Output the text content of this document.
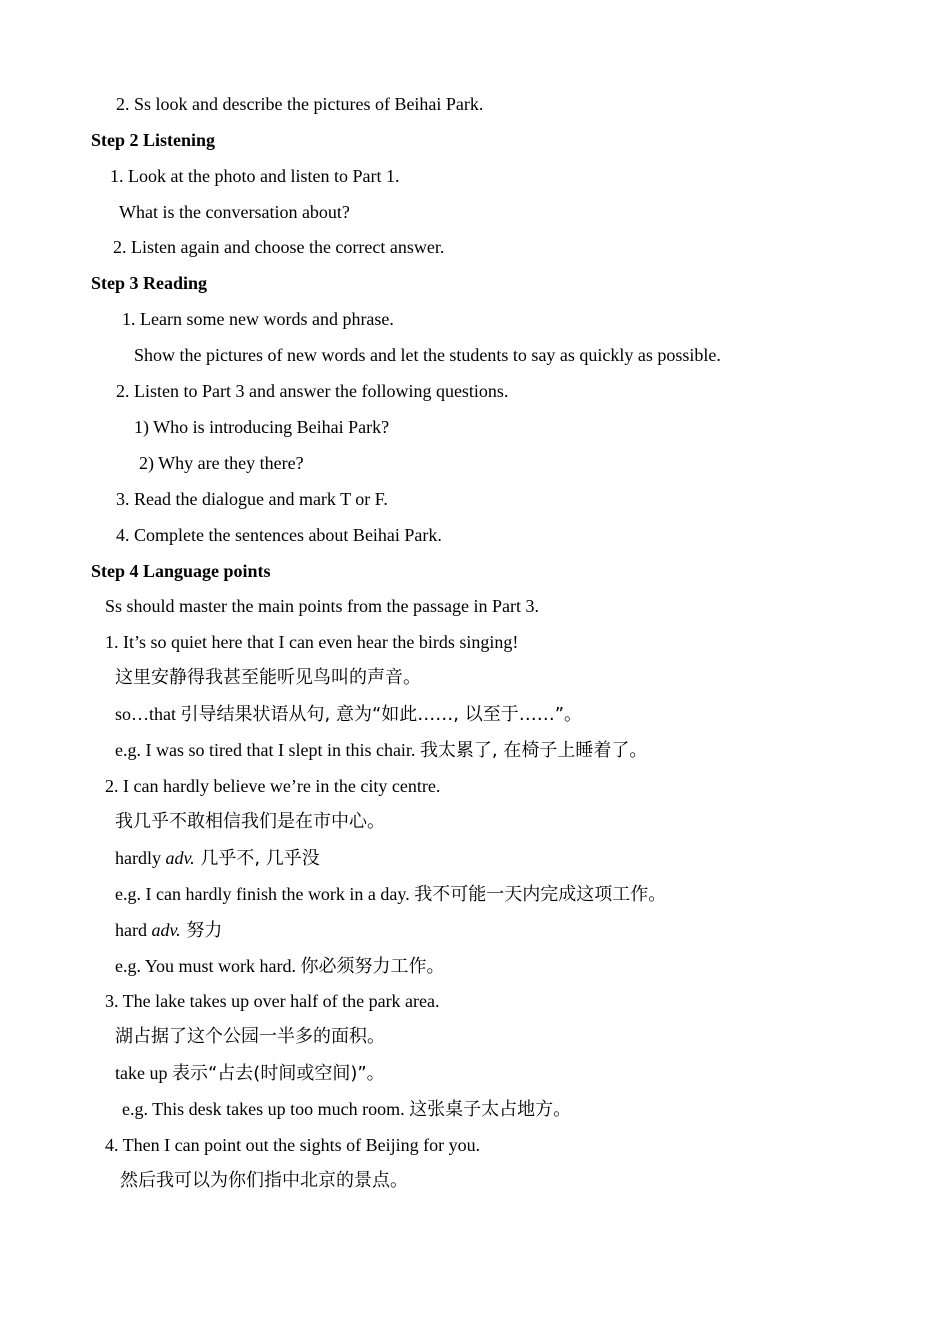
2. Ss look and describe the pictures of Beihai Park.
Step 2 Listening
1. Look at the photo and listen to Part 1.
What is the conversation about?
2. Listen again and choose the correct answer.
Step 3 Reading
1. Learn some new words and phrase.
Show the pictures of new words and let the students to say as quickly as possible.
2. Listen to Part 3 and answer the following questions.
1) Who is introducing Beihai Park?
2) Why are they there?
3. Read the dialogue and mark T or F.
4. Complete the sentences about Beihai Park.
Step 4 Language points
Ss should master the main points from the passage in Part 3.
1. It’s so quiet here that I can even hear the birds singing!
这里安静得我甚至能听见鸟叫的声音。
so…that 引导结果状语从句, 意为“如此……, 以至于……”。
e.g. I was so tired that I slept in this chair. 我太累了, 在椅子上睡着了。
2. I can hardly believe we’re in the city centre.
我几乎不敢相信我们是在市中心。
hardly adv. 几乎不, 几乎没
e.g. I can hardly finish the work in a day. 我不可能一天内完成这项工作。
hard adv. 努力
e.g. You must work hard. 你必须努力工作。
3. The lake takes up over half of the park area.
湖占据了这个公园一半多的面积。
take up 表示“占去(时间或空间)”。
e.g. This desk takes up too much room. 这张桌子太占地方。
4. Then I can point out the sights of Beijing for you.
然后我可以为你们指中北京的景点。
